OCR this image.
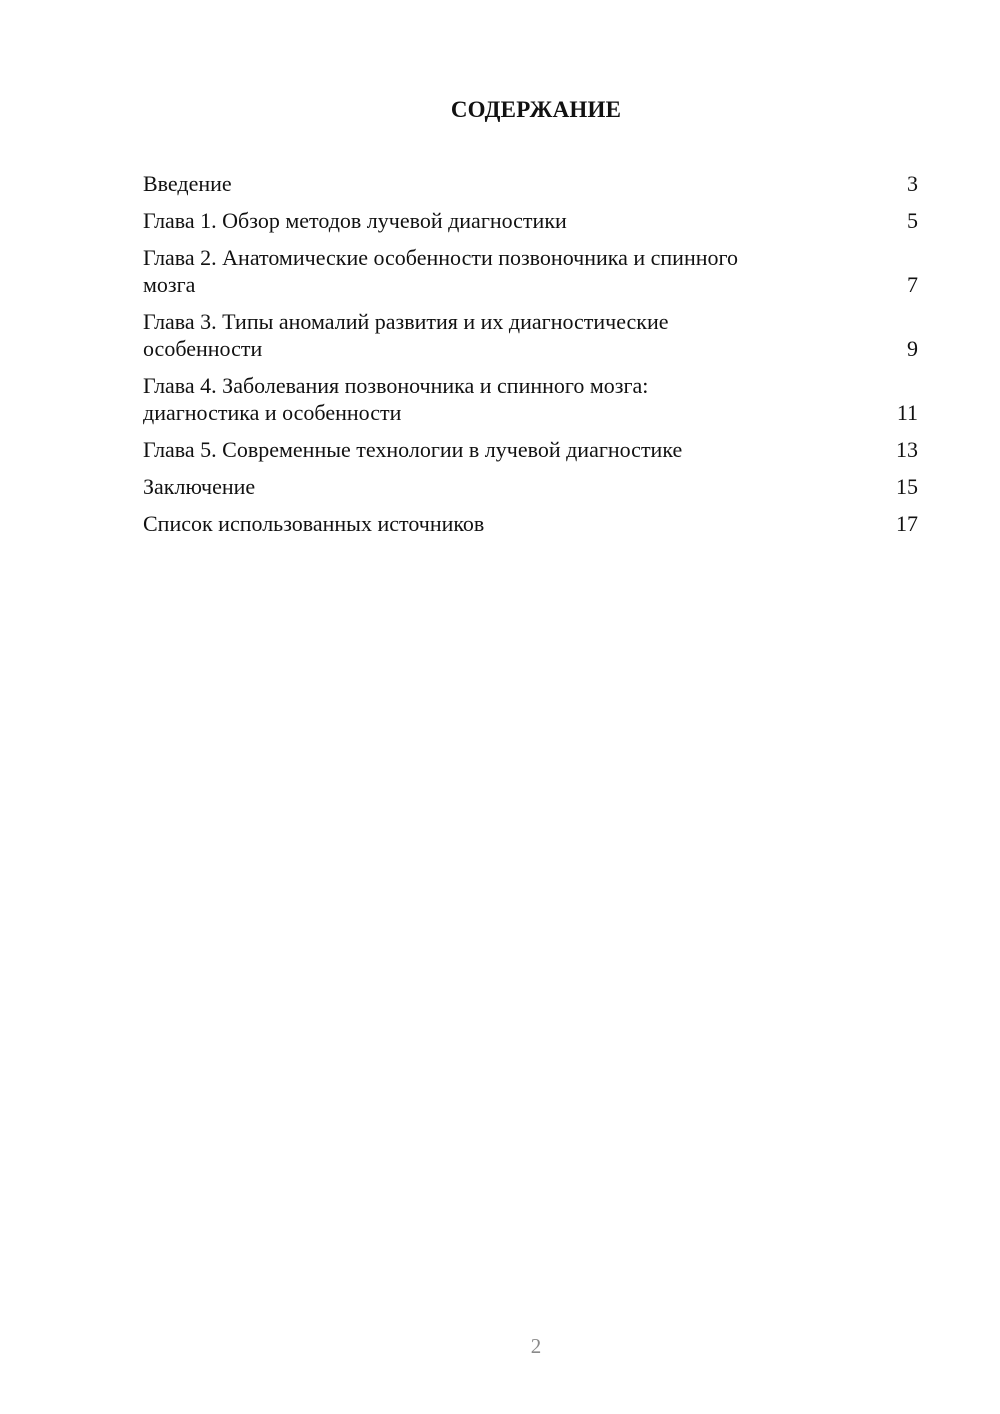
СОДЕРЖАНИЕ
Введение	3
Глава 1. Обзор методов лучевой диагностики	5
Глава 2. Анатомические особенности позвоночника и спинного
мозга	7
Глава 3. Типы аномалий развития и их диагностические
особенности	9
Глава 4. Заболевания позвоночника и спинного мозга:
диагностика и особенности	11
Глава 5. Современные технологии в лучевой диагностике	13
Заключение	15
Список использованных источников	17
2
